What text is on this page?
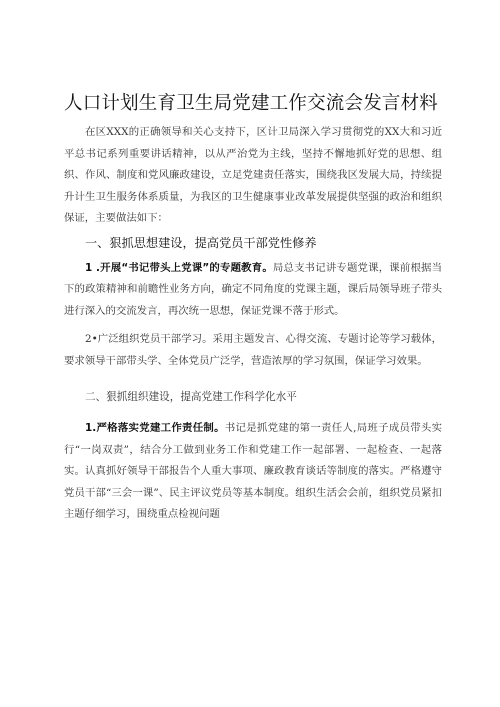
人口计划生育卫生局党建工作交流会发言材料

在区XXX的正确领导和关心支持下，区计卫局深入学习贯彻党的XX大和习近平总书记系列重要讲话精神，以从严治党为主线，坚持不懈地抓好党的思想、组织、作风、制度和党风廉政建设，立足党建责任落实，围绕我区发展大局，持续提升计生卫生服务体系质量，为我区的卫生健康事业改革发展提供坚强的政治和组织保证，主要做法如下：

一、狠抓思想建设，提高党员干部党性修养

1 .开展“书记带头上党课”的专题教育。局总支书记讲专题党课，课前根据当下的政策精神和前瞻性业务方向，确定不同角度的党课主题，课后局领导班子带头进行深入的交流发言，再次统一思想，保证党课不落于形式。

2•广泛组织党员干部学习。采用主题发言、心得交流、专题讨论等学习载体，要求领导干部带头学、全体党员广泛学，营造浓厚的学习氛围，保证学习效果。

二、狠抓组织建设，提高党建工作科学化水平

1.严格落实党建工作责任制。书记是抓党建的第一责任人,局班子成员带头实行“一岗双责”，结合分工做到业务工作和党建工作一起部署、一起检查、一起落实。认真抓好领导干部报告个人重大事项、廉政教育谈话等制度的落实。严格遵守党员干部“三会一课”、民主评议党员等基本制度。组织生活会会前，组织党员紧扣主题仔细学习，围绕重点检视问题
